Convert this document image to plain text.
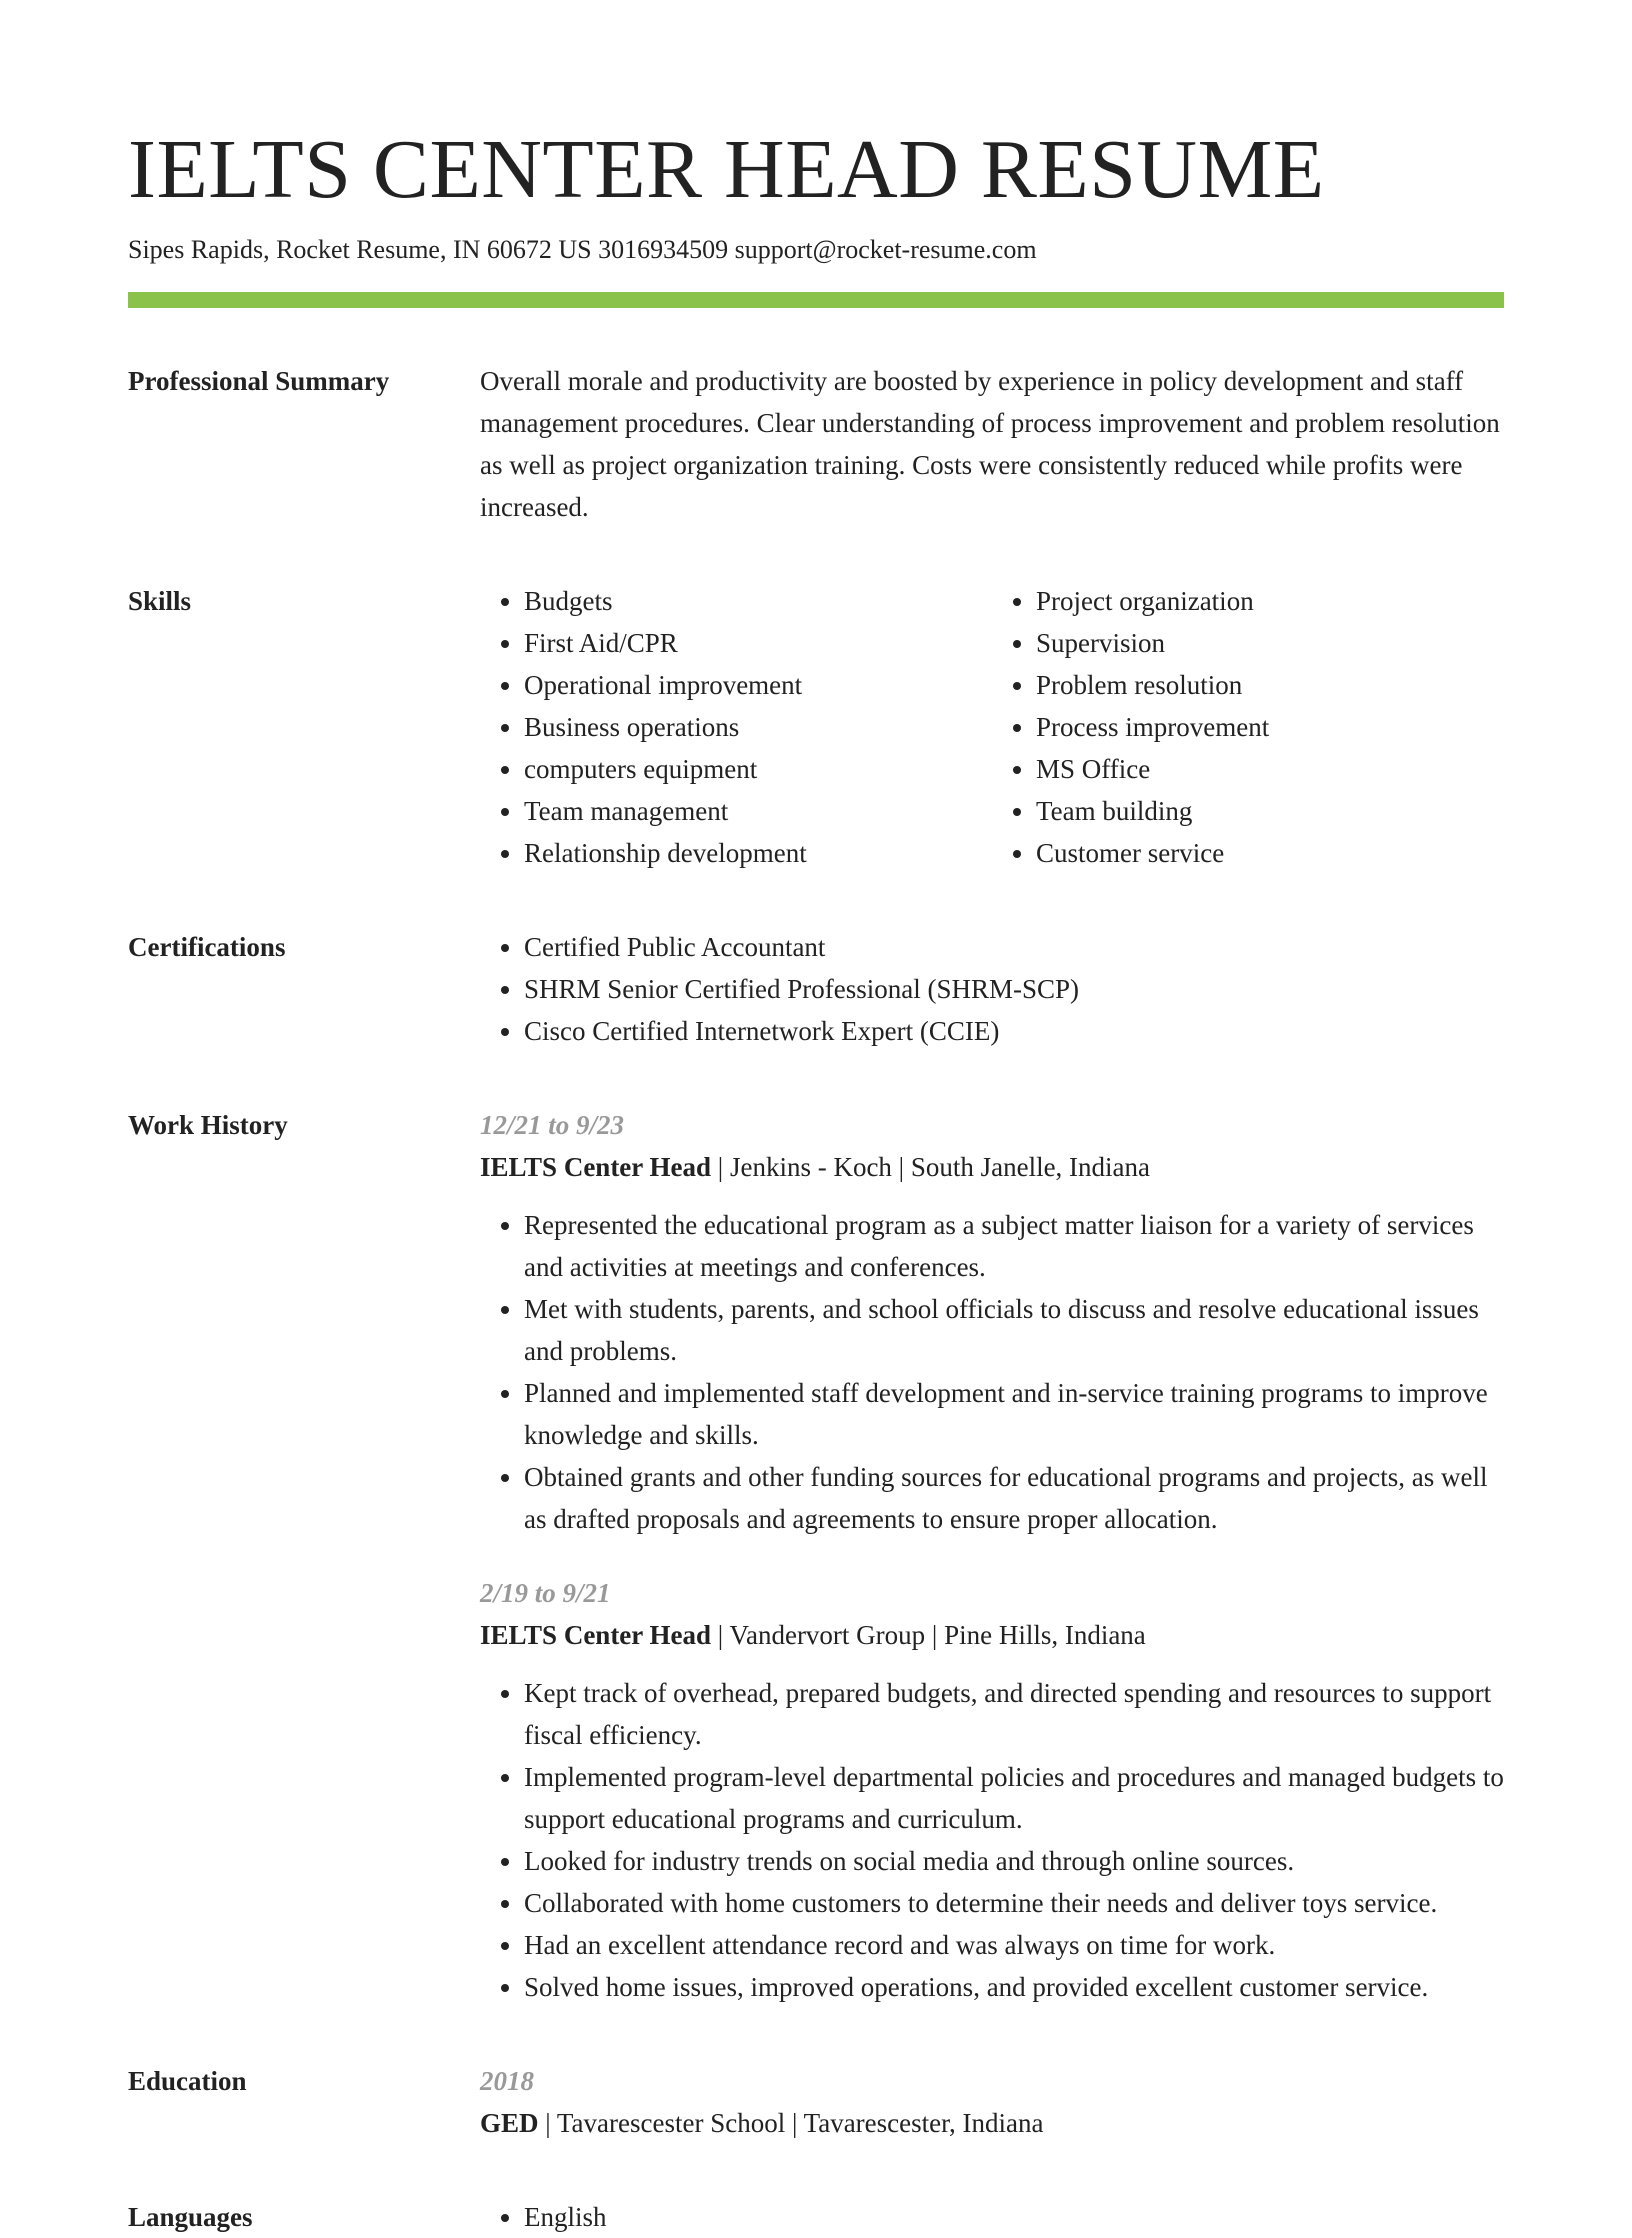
IELTS CENTER HEAD RESUME
Sipes Rapids, Rocket Resume, IN 60672 US 3016934509 support@rocket-resume.com
Professional Summary	Overall morale and productivity are boosted by experience in policy development and staff management procedures. Clear understanding of process improvement and problem resolution as well as project organization training. Costs were consistently reduced while profits were increased.

Skills	• Budgets
• First Aid/CPR
• Operational improvement
• Business operations
• computers equipment
• Team management
• Relationship development
• Project organization
• Supervision
• Problem resolution
• Process improvement
• MS Office
• Team building
• Customer service
Certifications	• Certified Public Accountant
• SHRM Senior Certified Professional (SHRM-SCP)
• Cisco Certified Internetwork Expert (CCIE)
Work History	12/21 to 9/23
IELTS Center Head | Jenkins - Koch | South Janelle, Indiana
• Represented the educational program as a subject matter liaison for a variety of services and activities at meetings and conferences.
• Met with students, parents, and school officials to discuss and resolve educational issues and problems.
• Planned and implemented staff development and in-service training programs to improve knowledge and skills.
• Obtained grants and other funding sources for educational programs and projects, as well as drafted proposals and agreements to ensure proper allocation.
2/19 to 9/21
IELTS Center Head | Vandervort Group | Pine Hills, Indiana
• Kept track of overhead, prepared budgets, and directed spending and resources to support fiscal efficiency.
• Implemented program-level departmental policies and procedures and managed budgets to support educational programs and curriculum.
• Looked for industry trends on social media and through online sources.
• Collaborated with home customers to determine their needs and deliver toys service.
• Had an excellent attendance record and was always on time for work.
• Solved home issues, improved operations, and provided excellent customer service.
Education	2018
GED | Tavarescester School | Tavarescester, Indiana
Languages	• English
